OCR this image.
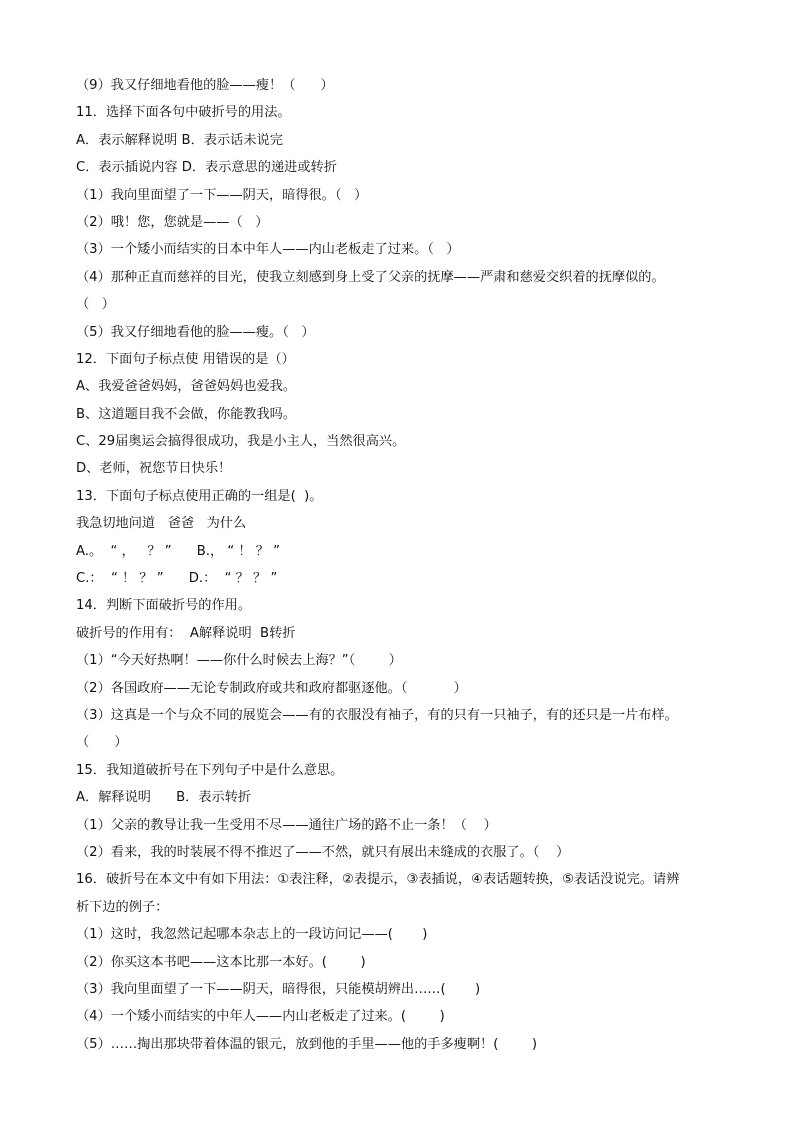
（9）我又仔细地看他的脸——瘦！（      ）
11．选择下面各句中破折号的用法。
A．表示解释说明 B．表示话未说完
C．表示插说内容 D．表示意思的递进或转折
（1）我向里面望了一下——阴天，暗得很。（   ）
（2）哦！您，您就是——（   ）
（3）一个矮小而结实的日本中年人——内山老板走了过来。（   ）
（4）那种正直而慈祥的目光，使我立刻感到身上受了父亲的抚摩——严肃和慈爱交织着的抚摩似的。
（   ）
（5）我又仔细地看他的脸——瘦。（   ）
12．下面句子标点使 用错误的是（）
A、我爱爸爸妈妈，爸爸妈妈也爱我。
B、这道题目我不会做，你能教我吗。
C、29届奥运会搞得很成功，我是小主人，当然很高兴。
D、老师，祝您节日快乐！
13．下面句子标点使用正确的一组是(  )。
我急切地问道   爸爸   为什么
A.。  “ ，   ？ ”      B.， “ ！ ？ ”
C.：  “ ！ ？ ”      D.：  “ ？ ？ ”
14．判断下面破折号的作用。
破折号的作用有：  A解释说明  B转折
（1）“今天好热啊！——你什么时候去上海？”（        ）
（2）各国政府——无论专制政府或共和政府都驱逐他。（           ）
（3）这真是一个与众不同的展览会——有的衣服没有袖子，有的只有一只袖子，有的还只是一片布样。
（      ）
15．我知道破折号在下列句子中是什么意思。
A．解释说明      B．表示转折
（1）父亲的教导让我一生受用不尽——通往广场的路不止一条！（    ）
（2）看来，我的时装展不得不推迟了——不然，就只有展出未缝成的衣服了。（    ）
16．破折号在本文中有如下用法：①表注释，②表提示，③表插说，④表话题转换，⑤表话没说完。请辨
析下边的例子：
（1）这时，我忽然记起哪本杂志上的一段访问记——(       )
（2）你买这本书吧——这本比那一本好。(        )
（3）我向里面望了一下——阴天，暗得很，只能模胡辨出……(       )
（4）一个矮小而结实的中年人——内山老板走了过来。(        )
（5）……掏出那块带着体温的银元，放到他的手里——他的手多瘦啊！(        )
